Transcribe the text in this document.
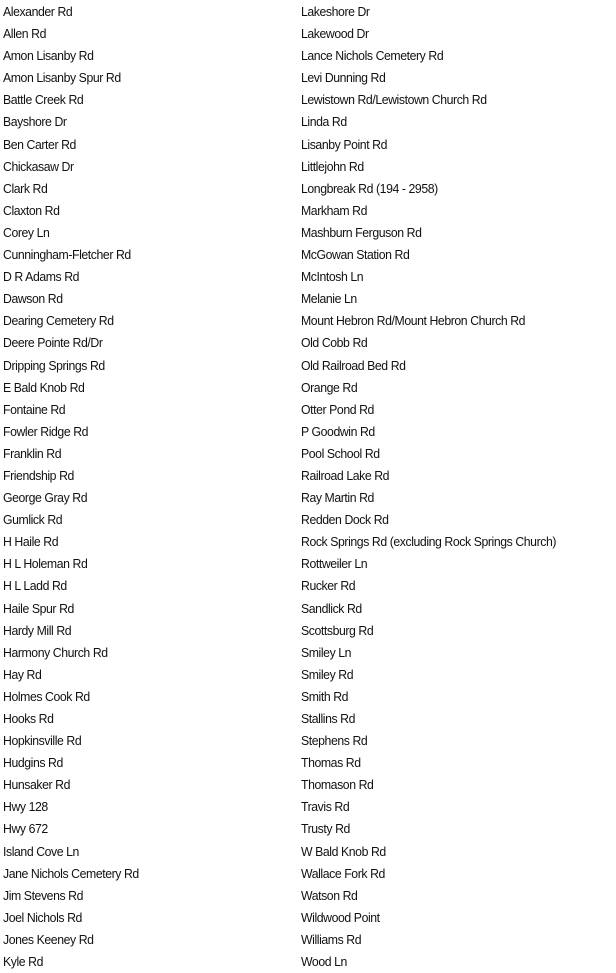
Alexander Rd
Allen Rd
Amon Lisanby Rd
Amon Lisanby Spur Rd
Battle Creek Rd
Bayshore Dr
Ben Carter Rd
Chickasaw Dr
Clark Rd
Claxton Rd
Corey Ln
Cunningham-Fletcher Rd
D R Adams Rd
Dawson Rd
Dearing Cemetery Rd
Deere Pointe Rd/Dr
Dripping Springs Rd
E Bald Knob Rd
Fontaine Rd
Fowler Ridge Rd
Franklin Rd
Friendship Rd
George Gray Rd
Gumlick Rd
H Haile Rd
H L Holeman Rd
H L Ladd Rd
Haile Spur Rd
Hardy Mill Rd
Harmony Church Rd
Hay Rd
Holmes Cook Rd
Hooks Rd
Hopkinsville Rd
Hudgins Rd
Hunsaker Rd
Hwy 128
Hwy 672
Island Cove Ln
Jane Nichols Cemetery Rd
Jim Stevens Rd
Joel Nichols Rd
Jones Keeney Rd
Kyle Rd
Lakeshore Dr
Lakewood Dr
Lance Nichols Cemetery Rd
Levi Dunning Rd
Lewistown Rd/Lewistown Church Rd
Linda Rd
Lisanby Point Rd
Littlejohn Rd
Longbreak Rd (194 - 2958)
Markham Rd
Mashburn Ferguson Rd
McGowan Station Rd
McIntosh Ln
Melanie Ln
Mount Hebron Rd/Mount Hebron Church Rd
Old Cobb Rd
Old Railroad Bed Rd
Orange Rd
Otter Pond Rd
P Goodwin Rd
Pool School Rd
Railroad Lake Rd
Ray Martin Rd
Redden Dock Rd
Rock Springs Rd (excluding Rock Springs Church)
Rottweiler Ln
Rucker Rd
Sandlick Rd
Scottsburg Rd
Smiley Ln
Smiley Rd
Smith Rd
Stallins Rd
Stephens Rd
Thomas Rd
Thomason Rd
Travis Rd
Trusty Rd
W Bald Knob Rd
Wallace Fork Rd
Watson Rd
Wildwood Point
Williams Rd
Wood Ln
